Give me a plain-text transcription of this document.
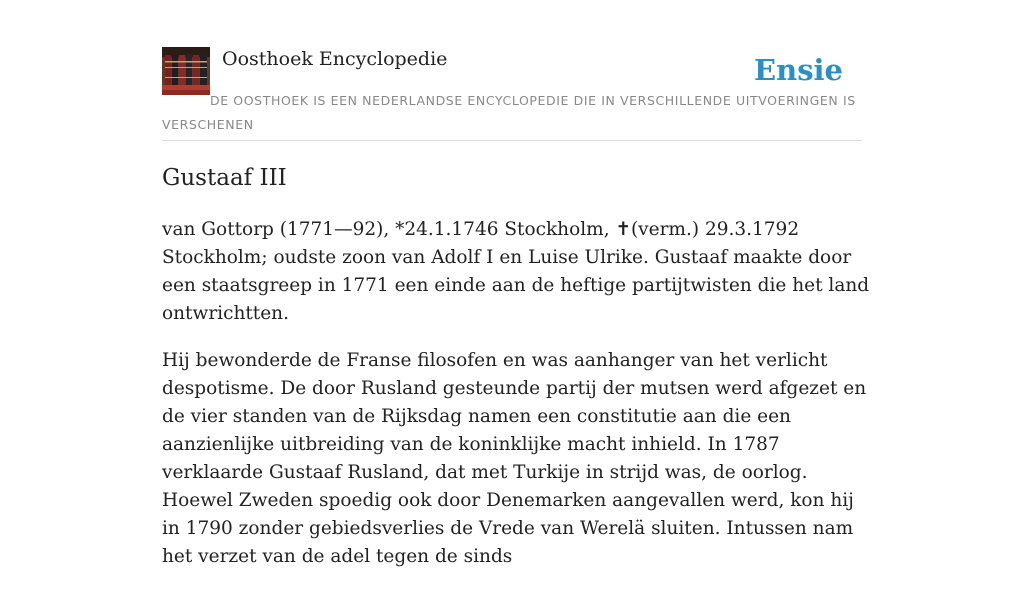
Oosthoek Encyclopedie	Ensie
DE OOSTHOEK IS EEN NEDERLANDSE ENCYCLOPEDIE DIE IN VERSCHILLENDE UITVOERINGEN IS VERSCHENEN
Gustaaf III

van Gottorp (1771—92), *24.1.1746 Stockholm, ✝(verm.) 29.3.1792 Stockholm; oudste zoon van Adolf I en Luise Ulrike. Gustaaf maakte door een staatsgreep in 1771 een einde aan de heftige partijtwisten die het land ontwrichtten.

Hij bewonderde de Franse filosofen en was aanhanger van het verlicht despotisme. De door Rusland gesteunde partij der mutsen werd afgezet en de vier standen van de Rijksdag namen een constitutie aan die een aanzienlijke uitbreiding van de koninklijke macht inhield. In 1787 verklaarde Gustaaf Rusland, dat met Turkije in strijd was, de oorlog. Hoewel Zweden spoedig ook door Denemarken aangevallen werd, kon hij in 1790 zonder gebiedsverlies de Vrede van Werelä sluiten. Intussen nam het verzet van de adel tegen de sinds
